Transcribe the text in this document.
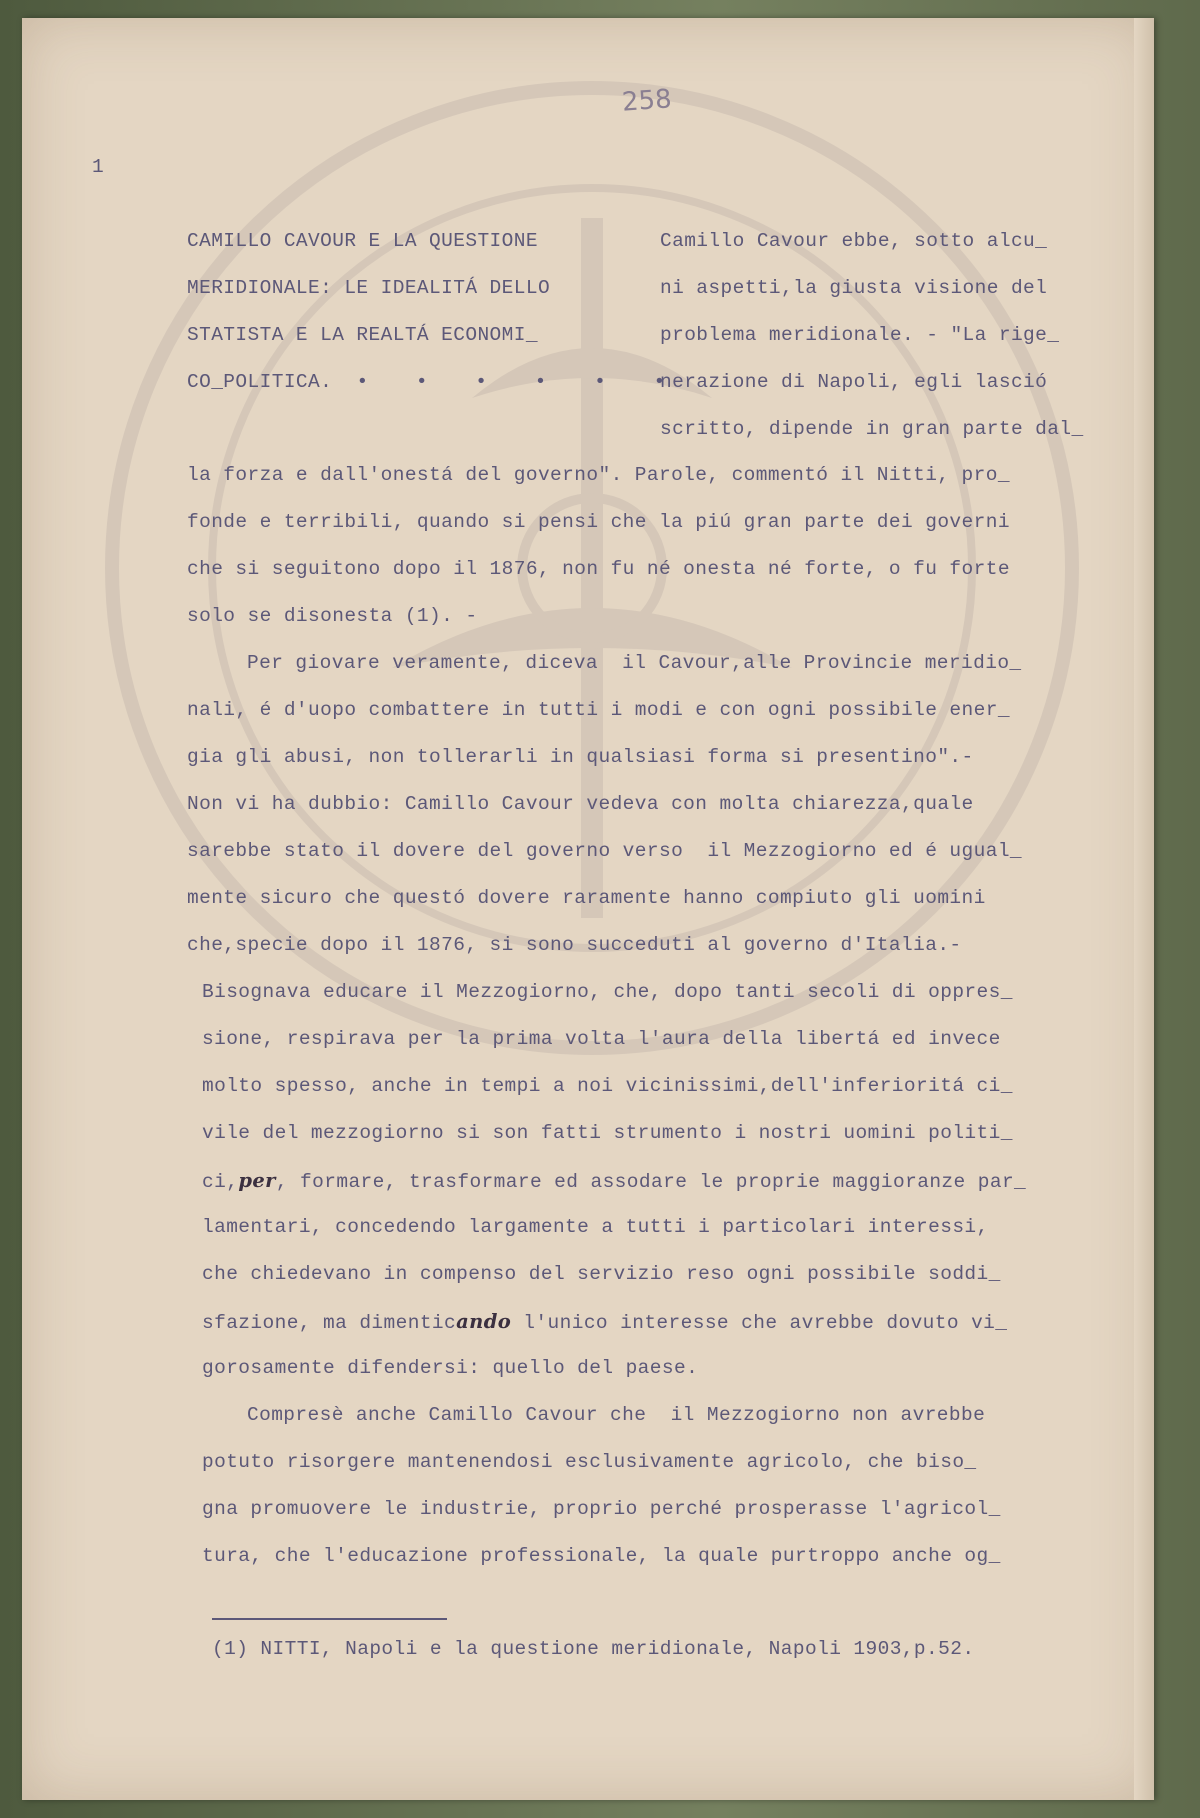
258
1
CAMILLO CAVOUR E LA QUESTIONE
MERIDIONALE: LE IDEALITÁ DELLO
STATISTA E LA REALTÁ ECONOMI_
CO_POLITICA. • • • • • •
Camillo Cavour ebbe, sotto alcu_
ni aspetti,la giusta visione del
problema meridionale. - "La rige_
nerazione di Napoli, egli lasció
scritto, dipende in gran parte dal_
la forza e dall'onestá del governo". Parole, commentó il Nitti, pro_
fonde e terribili, quando si pensi che la piú gran parte dei governi
che si seguitono dopo il 1876, non fu né onesta né forte, o fu forte
solo se disonesta (1). -
Per giovare veramente, diceva  il Cavour,alle Provincie meridio_
nali, é d'uopo combattere in tutti i modi e con ogni possibile ener_
gia gli abusi, non tollerarli in qualsiasi forma si presentino".-
Non vi ha dubbio: Camillo Cavour vedeva con molta chiarezza,quale
sarebbe stato il dovere del governo verso  il Mezzogiorno ed é ugual_
mente sicuro che questó dovere raramente hanno compiuto gli uomini
che,specie dopo il 1876, si sono succeduti al governo d'Italia.-
Bisognava educare il Mezzogiorno, che, dopo tanti secoli di oppres_
sione, respirava per la prima volta l'aura della libertá ed invece
molto spesso, anche in tempi a noi vicinissimi,dell'inferioritá ci_
vile del mezzogiorno si son fatti strumento i nostri uomini politi_
ci,per, formare, trasformare ed assodare le proprie maggioranze par_
lamentari, concedendo largamente a tutti i particolari interessi,
che chiedevano in compenso del servizio reso ogni possibile soddi_
sfazione, ma dimenticando l'unico interesse che avrebbe dovuto vi_
gorosamente difendersi: quello del paese.
Compresè anche Camillo Cavour che  il Mezzogiorno non avrebbe
potuto risorgere mantenendosi esclusivamente agricolo, che biso_
gna promuovere le industrie, proprio perché prosperasse l'agricol_
tura, che l'educazione professionale, la quale purtroppo anche og_
(1) NITTI, Napoli e la questione meridionale, Napoli 1903,p.52.
